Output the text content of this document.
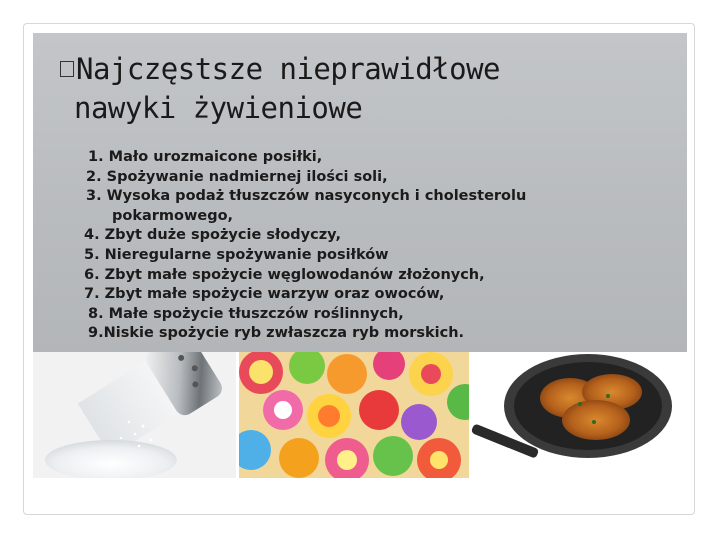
Najczęstsze nieprawidłowe
nawyki żywieniowe
1. Mało urozmaicone posiłki,
2. Spożywanie nadmiernej ilości soli,
3. Wysoka podaż tłuszczów nasyconych i cholesterolu
pokarmowego,
4. Zbyt duże spożycie słodyczy,
5. Nieregularne spożywanie posiłków
6. Zbyt małe spożycie węglowodanów złożonych,
7. Zbyt małe spożycie warzyw oraz owoców,
8. Małe spożycie tłuszczów roślinnych,
9.Niskie spożycie ryb zwłaszcza ryb morskich.
